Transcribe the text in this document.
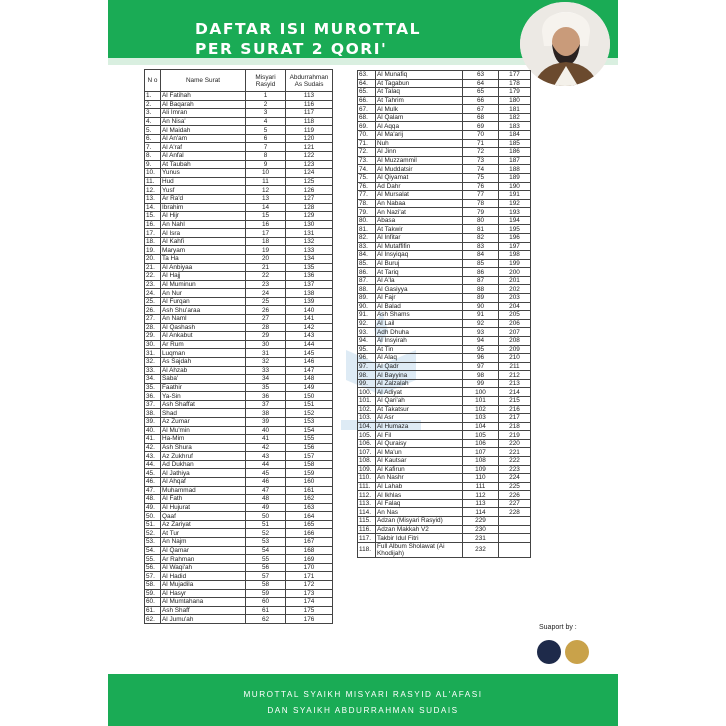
DAFTAR ISI MUROTTAL
PER SURAT 2 QORI'
N o	Name Surat	Misyari Rasyid	Abdurrahman As Sudais
1.	Al Fatihah	1	113
2.	Al Baqarah	2	116
3.	Ali Imran	3	117
4.	An Nisa'	4	118
5.	Al Maidah	5	119
6.	Al An'am	6	120
7.	Al A'raf	7	121
8.	Al Anfal	8	122
9.	At Taubah	9	123
10.	Yunus	10	124
11.	Hud	11	125
12.	Yusf	12	126
13.	Ar Ra'd	13	127
14.	Ibrahim	14	128
15.	Al Hijr	15	129
16.	An Nahl	16	130
17.	Al Isra	17	131
18.	Al Kahfi	18	132
19.	Maryam	19	133
20.	Ta Ha	20	134
21.	Al Anbiyaa	21	135
22.	Al Hajj	22	136
23.	Al Muminun	23	137
24.	An Nur	24	138
25.	Al Furqan	25	139
26.	Ash Shu'araa	26	140
27.	An Naml	27	141
28.	Al Qashash	28	142
29.	Al Ankabut	29	143
30.	Ar Rum	30	144
31.	Luqman	31	145
32.	As Sajdah	32	146
33.	Al Ahzab	33	147
34.	Saba'	34	148
35.	Faathir	35	149
36.	Ya-Sin	36	150
37.	Ash Shaffat	37	151
38.	Shad	38	152
39.	Az Zumar	39	153
40.	Al Mu'min	40	154
41.	Ha-Mim	41	155
42.	Ash Shura	42	156
43.	Az Zukhruf	43	157
44.	Ad Dukhan	44	158
45.	Al Jathiya	45	159
46.	Al Ahqaf	46	160
47.	Muhammad	47	161
48.	Al Fath	48	162
49.	Al Hujurat	49	163
50.	Qaaf	50	164
51.	Az Zariyat	51	165
52.	At Tur	52	166
53.	An Najm	53	167
54.	Al Qamar	54	168
55.	Ar Rahman	55	169
56.	Al Waqi'ah	56	170
57.	Al Hadid	57	171
58.	Al Mujadila	58	172
59.	Al Hasyr	59	173
60.	Al Mumtahana	60	174
61.	Ash Shaff	61	175
62.	Al Jumu'ah	62	176
63.	Al Munafiq	63	177
64.	At Tagabun	64	178
65.	At Talaq	65	179
66.	At Tahrim	66	180
67.	Al Mulk	67	181
68.	Al Qalam	68	182
69.	Al Aqqa	69	183
70.	Al Ma'arij	70	184
71.	Nuh	71	185
72.	Al Jinn	72	186
73.	Al Muzzammil	73	187
74.	Al Muddatsir	74	188
75.	Al Qiyamat	75	189
76.	Ad Dahr	76	190
77.	Al Mursalat	77	191
78.	An Nabaa	78	192
79.	An Nazi'at	79	193
80.	Abasa	80	194
81.	At Takwir	81	195
82.	Al Infitar	82	196
83.	Al Mutaffifin	83	197
84.	Al Insyiqaq	84	198
85.	Al Buruj	85	199
86.	At Tariq	86	200
87.	Al A'la	87	201
88.	Al Gasiyya	88	202
89.	Al Fajr	89	203
90.	Al Balad	90	204
91.	Ash Shams	91	205
92.	Al Lail	92	206
93.	Adh Dhuha	93	207
94.	Al Insyirah	94	208
95.	At Tin	95	209
96.	Al Alaq	96	210
97.	Al Qadr	97	211
98.	Al Bayyina	98	212
99.	Al Zalzalah	99	213
100.	Al Adiyat	100	214
101.	Al Qari'ah	101	215
102.	At Takatsur	102	216
103.	Al Asr	103	217
104.	Al Humaza	104	218
105.	Al Fil	105	219
106.	Al Quraisy	106	220
107.	Al Ma'un	107	221
108.	Al Kautsar	108	222
109.	Al Kafirun	109	223
110.	An Nashr	110	224
111.	Al Lahab	111	225
112.	Al Ikhlas	112	226
113.	Al Falaq	113	227
114.	An Nas	114	228
115.	Adzan (Misyari Rasyid)	229	
116.	Adzan Makkah V2	230	
117.	Takbir Idul Fitri	231	
118.	Full Album Sholawat (Ai Khodijah)	232	
Suaport by :
MUROTTAL SYAIKH MISYARI RASYID AL'AFASI
DAN SYAIKH ABDURRAHMAN SUDAIS
